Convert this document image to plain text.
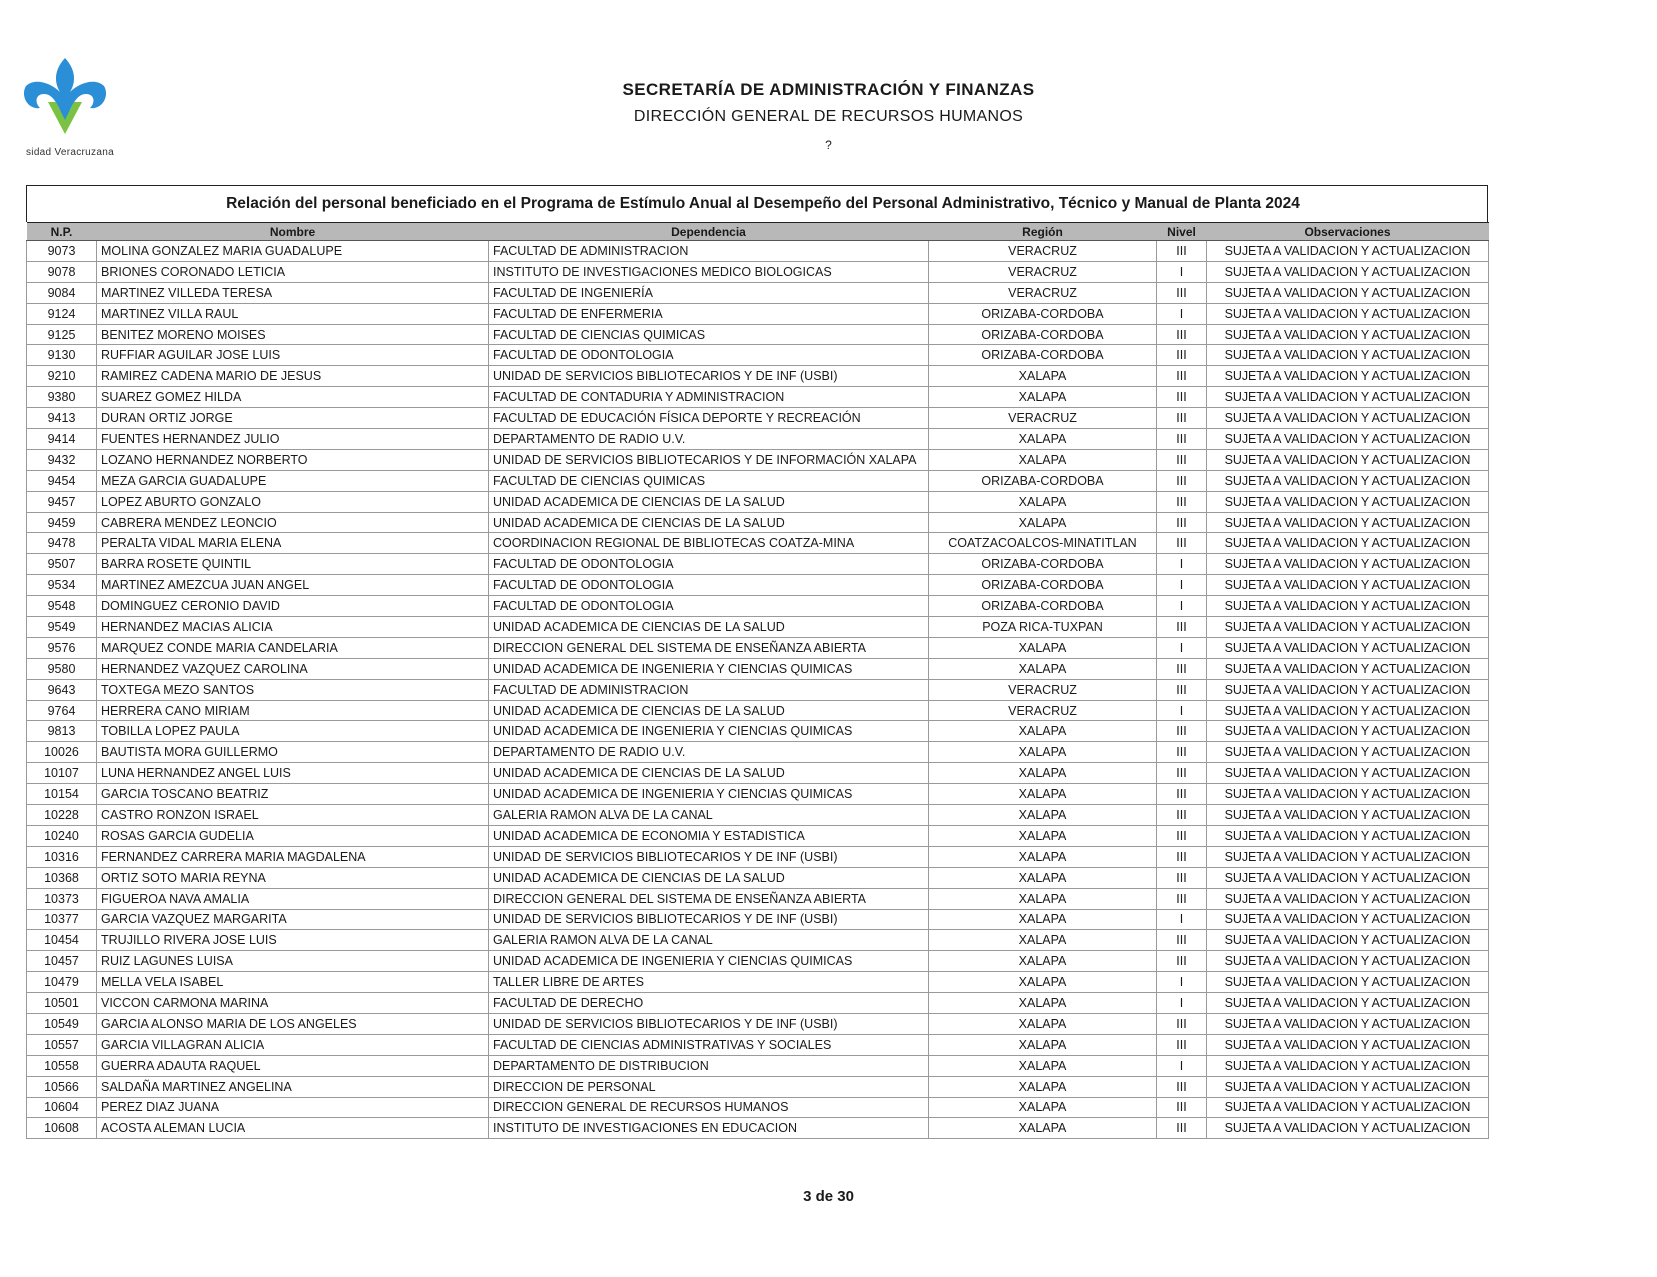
sidad Veracruzana
SECRETARÍA DE ADMINISTRACIÓN Y FINANZAS
DIRECCIÓN GENERAL DE RECURSOS HUMANOS
?
Relación del personal beneficiado en el Programa de Estímulo Anual al Desempeño del Personal Administrativo, Técnico y Manual de Planta 2024
N.P.	Nombre	Dependencia	Región	Nivel	Observaciones
9073	MOLINA GONZALEZ MARIA GUADALUPE	FACULTAD DE ADMINISTRACION	VERACRUZ	III	SUJETA A VALIDACION Y ACTUALIZACION
9078	BRIONES CORONADO LETICIA	INSTITUTO DE INVESTIGACIONES MEDICO BIOLOGICAS	VERACRUZ	I	SUJETA A VALIDACION Y ACTUALIZACION
9084	MARTINEZ VILLEDA TERESA	FACULTAD DE INGENIERÍA	VERACRUZ	III	SUJETA A VALIDACION Y ACTUALIZACION
9124	MARTINEZ VILLA RAUL	FACULTAD DE ENFERMERIA	ORIZABA-CORDOBA	I	SUJETA A VALIDACION Y ACTUALIZACION
9125	BENITEZ MORENO MOISES	FACULTAD DE CIENCIAS QUIMICAS	ORIZABA-CORDOBA	III	SUJETA A VALIDACION Y ACTUALIZACION
9130	RUFFIAR AGUILAR JOSE LUIS	FACULTAD DE ODONTOLOGIA	ORIZABA-CORDOBA	III	SUJETA A VALIDACION Y ACTUALIZACION
9210	RAMIREZ CADENA MARIO DE JESUS	UNIDAD DE SERVICIOS BIBLIOTECARIOS Y DE INF (USBI)	XALAPA	III	SUJETA A VALIDACION Y ACTUALIZACION
9380	SUAREZ GOMEZ HILDA	FACULTAD DE CONTADURIA Y ADMINISTRACION	XALAPA	III	SUJETA A VALIDACION Y ACTUALIZACION
9413	DURAN ORTIZ JORGE	FACULTAD DE EDUCACIÓN FÍSICA DEPORTE Y RECREACIÓN	VERACRUZ	III	SUJETA A VALIDACION Y ACTUALIZACION
9414	FUENTES HERNANDEZ JULIO	DEPARTAMENTO DE RADIO U.V.	XALAPA	III	SUJETA A VALIDACION Y ACTUALIZACION
9432	LOZANO HERNANDEZ NORBERTO	UNIDAD DE SERVICIOS BIBLIOTECARIOS Y DE INFORMACIÓN XALAPA	XALAPA	III	SUJETA A VALIDACION Y ACTUALIZACION
9454	MEZA GARCIA GUADALUPE	FACULTAD DE CIENCIAS QUIMICAS	ORIZABA-CORDOBA	III	SUJETA A VALIDACION Y ACTUALIZACION
9457	LOPEZ ABURTO GONZALO	UNIDAD ACADEMICA DE CIENCIAS DE LA SALUD	XALAPA	III	SUJETA A VALIDACION Y ACTUALIZACION
9459	CABRERA MENDEZ LEONCIO	UNIDAD ACADEMICA DE CIENCIAS DE LA SALUD	XALAPA	III	SUJETA A VALIDACION Y ACTUALIZACION
9478	PERALTA VIDAL MARIA ELENA	COORDINACION REGIONAL DE BIBLIOTECAS COATZA-MINA	COATZACOALCOS-MINATITLAN	III	SUJETA A VALIDACION Y ACTUALIZACION
9507	BARRA ROSETE QUINTIL	FACULTAD DE ODONTOLOGIA	ORIZABA-CORDOBA	I	SUJETA A VALIDACION Y ACTUALIZACION
9534	MARTINEZ AMEZCUA JUAN ANGEL	FACULTAD DE ODONTOLOGIA	ORIZABA-CORDOBA	I	SUJETA A VALIDACION Y ACTUALIZACION
9548	DOMINGUEZ CERONIO DAVID	FACULTAD DE ODONTOLOGIA	ORIZABA-CORDOBA	I	SUJETA A VALIDACION Y ACTUALIZACION
9549	HERNANDEZ MACIAS ALICIA	UNIDAD ACADEMICA DE CIENCIAS DE LA SALUD	POZA RICA-TUXPAN	III	SUJETA A VALIDACION Y ACTUALIZACION
9576	MARQUEZ CONDE MARIA CANDELARIA	DIRECCION GENERAL DEL SISTEMA DE ENSEÑANZA ABIERTA	XALAPA	I	SUJETA A VALIDACION Y ACTUALIZACION
9580	HERNANDEZ VAZQUEZ CAROLINA	UNIDAD ACADEMICA DE INGENIERIA Y CIENCIAS QUIMICAS	XALAPA	III	SUJETA A VALIDACION Y ACTUALIZACION
9643	TOXTEGA MEZO SANTOS	FACULTAD DE ADMINISTRACION	VERACRUZ	III	SUJETA A VALIDACION Y ACTUALIZACION
9764	HERRERA CANO MIRIAM	UNIDAD ACADEMICA DE CIENCIAS DE LA SALUD	VERACRUZ	I	SUJETA A VALIDACION Y ACTUALIZACION
9813	TOBILLA LOPEZ PAULA	UNIDAD ACADEMICA DE INGENIERIA Y CIENCIAS QUIMICAS	XALAPA	III	SUJETA A VALIDACION Y ACTUALIZACION
10026	BAUTISTA MORA GUILLERMO	DEPARTAMENTO DE RADIO U.V.	XALAPA	III	SUJETA A VALIDACION Y ACTUALIZACION
10107	LUNA HERNANDEZ ANGEL LUIS	UNIDAD ACADEMICA DE CIENCIAS DE LA SALUD	XALAPA	III	SUJETA A VALIDACION Y ACTUALIZACION
10154	GARCIA TOSCANO BEATRIZ	UNIDAD ACADEMICA DE INGENIERIA Y CIENCIAS QUIMICAS	XALAPA	III	SUJETA A VALIDACION Y ACTUALIZACION
10228	CASTRO RONZON ISRAEL	GALERIA RAMON ALVA DE LA CANAL	XALAPA	III	SUJETA A VALIDACION Y ACTUALIZACION
10240	ROSAS GARCIA GUDELIA	UNIDAD ACADEMICA DE ECONOMIA Y ESTADISTICA	XALAPA	III	SUJETA A VALIDACION Y ACTUALIZACION
10316	FERNANDEZ CARRERA MARIA MAGDALENA	UNIDAD DE SERVICIOS BIBLIOTECARIOS Y DE INF (USBI)	XALAPA	III	SUJETA A VALIDACION Y ACTUALIZACION
10368	ORTIZ SOTO MARIA REYNA	UNIDAD ACADEMICA DE CIENCIAS DE LA SALUD	XALAPA	III	SUJETA A VALIDACION Y ACTUALIZACION
10373	FIGUEROA NAVA AMALIA	DIRECCION GENERAL DEL SISTEMA DE ENSEÑANZA ABIERTA	XALAPA	III	SUJETA A VALIDACION Y ACTUALIZACION
10377	GARCIA VAZQUEZ MARGARITA	UNIDAD DE SERVICIOS BIBLIOTECARIOS Y DE INF (USBI)	XALAPA	I	SUJETA A VALIDACION Y ACTUALIZACION
10454	TRUJILLO RIVERA JOSE LUIS	GALERIA RAMON ALVA DE LA CANAL	XALAPA	III	SUJETA A VALIDACION Y ACTUALIZACION
10457	RUIZ LAGUNES LUISA	UNIDAD ACADEMICA DE INGENIERIA Y CIENCIAS QUIMICAS	XALAPA	III	SUJETA A VALIDACION Y ACTUALIZACION
10479	MELLA VELA ISABEL	TALLER LIBRE DE ARTES	XALAPA	I	SUJETA A VALIDACION Y ACTUALIZACION
10501	VICCON CARMONA MARINA	FACULTAD DE DERECHO	XALAPA	I	SUJETA A VALIDACION Y ACTUALIZACION
10549	GARCIA ALONSO MARIA DE LOS ANGELES	UNIDAD DE SERVICIOS BIBLIOTECARIOS Y DE INF (USBI)	XALAPA	III	SUJETA A VALIDACION Y ACTUALIZACION
10557	GARCIA VILLAGRAN ALICIA	FACULTAD DE CIENCIAS ADMINISTRATIVAS Y SOCIALES	XALAPA	III	SUJETA A VALIDACION Y ACTUALIZACION
10558	GUERRA ADAUTA RAQUEL	DEPARTAMENTO DE DISTRIBUCION	XALAPA	I	SUJETA A VALIDACION Y ACTUALIZACION
10566	SALDAÑA MARTINEZ ANGELINA	DIRECCION DE PERSONAL	XALAPA	III	SUJETA A VALIDACION Y ACTUALIZACION
10604	PEREZ DIAZ JUANA	DIRECCION GENERAL DE RECURSOS HUMANOS	XALAPA	III	SUJETA A VALIDACION Y ACTUALIZACION
10608	ACOSTA ALEMAN LUCIA	INSTITUTO DE INVESTIGACIONES EN EDUCACION	XALAPA	III	SUJETA A VALIDACION Y ACTUALIZACION
3 de 30
